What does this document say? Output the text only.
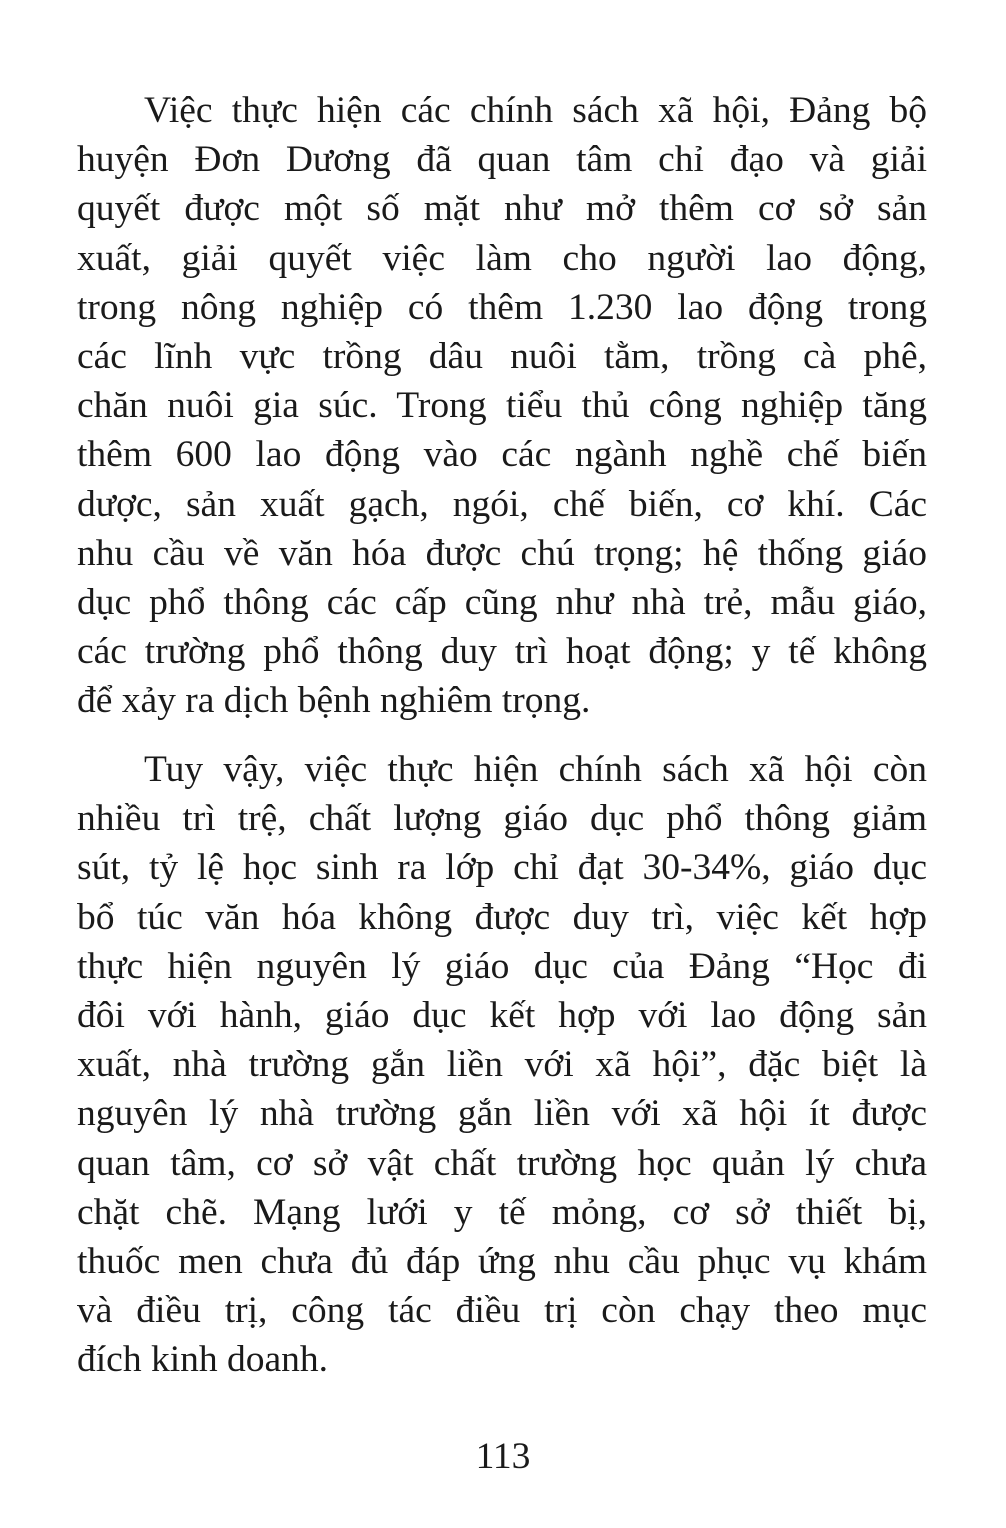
Việc thực hiện các chính sách xã hội, Đảng bộ
huyện Đơn Dương đã quan tâm chỉ đạo và giải
quyết được một số mặt như mở thêm cơ sở sản
xuất, giải quyết việc làm cho người lao động,
trong nông nghiệp có thêm 1.230 lao động trong
các lĩnh vực trồng dâu nuôi tằm, trồng cà phê,
chăn nuôi gia súc. Trong tiểu thủ công nghiệp tăng
thêm 600 lao động vào các ngành nghề chế biến
dược, sản xuất gạch, ngói, chế biến, cơ khí. Các
nhu cầu về văn hóa được chú trọng; hệ thống giáo
dục phổ thông các cấp cũng như nhà trẻ, mẫu giáo,
các trường phổ thông duy trì hoạt động; y tế không
để xảy ra dịch bệnh nghiêm trọng.
Tuy vậy, việc thực hiện chính sách xã hội còn
nhiều trì trệ, chất lượng giáo dục phổ thông giảm
sút, tỷ lệ học sinh ra lớp chỉ đạt 30-34%, giáo dục
bổ túc văn hóa không được duy trì, việc kết hợp
thực hiện nguyên lý giáo dục của Đảng “Học đi
đôi với hành, giáo dục kết hợp với lao động sản
xuất, nhà trường gắn liền với xã hội”, đặc biệt là
nguyên lý nhà trường gắn liền với xã hội ít được
quan tâm, cơ sở vật chất trường học quản lý chưa
chặt chẽ. Mạng lưới y tế mỏng, cơ sở thiết bị,
thuốc men chưa đủ đáp ứng nhu cầu phục vụ khám
và điều trị, công tác điều trị còn chạy theo mục
đích kinh doanh.
113
